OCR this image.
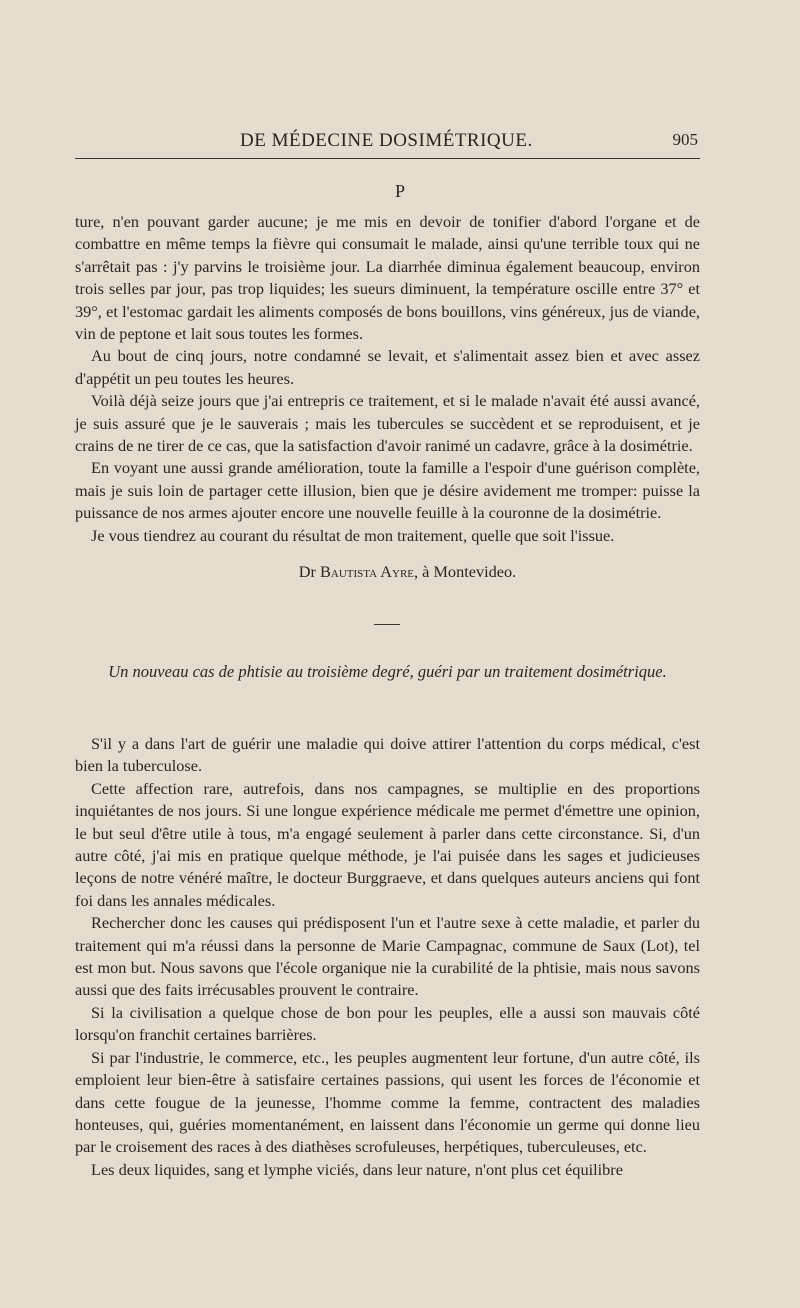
DE MÉDECINE DOSIMÉTRIQUE.	905
P

ture, n'en pouvant garder aucune; je me mis en devoir de tonifier d'abord l'organe et de combattre en même temps la fièvre qui consumait le malade, ainsi qu'une terrible toux qui ne s'arrêtait pas : j'y parvins le troisième jour. La diarrhée diminua également beaucoup, environ trois selles par jour, pas trop liquides; les sueurs diminuent, la température oscille entre 37° et 39°, et l'estomac gardait les aliments composés de bons bouillons, vins généreux, jus de viande, vin de peptone et lait sous toutes les formes.

Au bout de cinq jours, notre condamné se levait, et s'alimentait assez bien et avec assez d'appétit un peu toutes les heures.

Voilà déjà seize jours que j'ai entrepris ce traitement, et si le malade n'avait été aussi avancé, je suis assuré que je le sauverais ; mais les tubercules se succèdent et se reproduisent, et je crains de ne tirer de ce cas, que la satisfaction d'avoir ranimé un cadavre, grâce à la dosimétrie.

En voyant une aussi grande amélioration, toute la famille a l'espoir d'une guérison complète, mais je suis loin de partager cette illusion, bien que je désire avidement me tromper: puisse la puissance de nos armes ajouter encore une nouvelle feuille à la couronne de la dosimétrie.

Je vous tiendrez au courant du résultat de mon traitement, quelle que soit l'issue.

Dr Bautista Ayre, à Montevideo.
Un nouveau cas de phtisie au troisième degré, guéri par un traitement dosimétrique.

S'il y a dans l'art de guérir une maladie qui doive attirer l'attention du corps médical, c'est bien la tuberculose.

Cette affection rare, autrefois, dans nos campagnes, se multiplie en des proportions inquiétantes de nos jours. Si une longue expérience médicale me permet d'émettre une opinion, le but seul d'être utile à tous, m'a engagé seulement à parler dans cette circonstance. Si, d'un autre côté, j'ai mis en pratique quelque méthode, je l'ai puisée dans les sages et judicieuses leçons de notre vénéré maître, le docteur Burggraeve, et dans quelques auteurs anciens qui font foi dans les annales médicales.

Rechercher donc les causes qui prédisposent l'un et l'autre sexe à cette maladie, et parler du traitement qui m'a réussi dans la personne de Marie Campagnac, commune de Saux (Lot), tel est mon but. Nous savons que l'école organique nie la curabilité de la phtisie, mais nous savons aussi que des faits irrécusables prouvent le contraire.

Si la civilisation a quelque chose de bon pour les peuples, elle a aussi son mauvais côté lorsqu'on franchit certaines barrières.

Si par l'industrie, le commerce, etc., les peuples augmentent leur fortune, d'un autre côté, ils emploient leur bien-être à satisfaire certaines passions, qui usent les forces de l'économie et dans cette fougue de la jeunesse, l'homme comme la femme, contractent des maladies honteuses, qui, guéries momentanément, en laissent dans l'économie un germe qui donne lieu par le croisement des races à des diathèses scrofuleuses, herpétiques, tuberculeuses, etc.

Les deux liquides, sang et lymphe viciés, dans leur nature, n'ont plus cet équilibre
